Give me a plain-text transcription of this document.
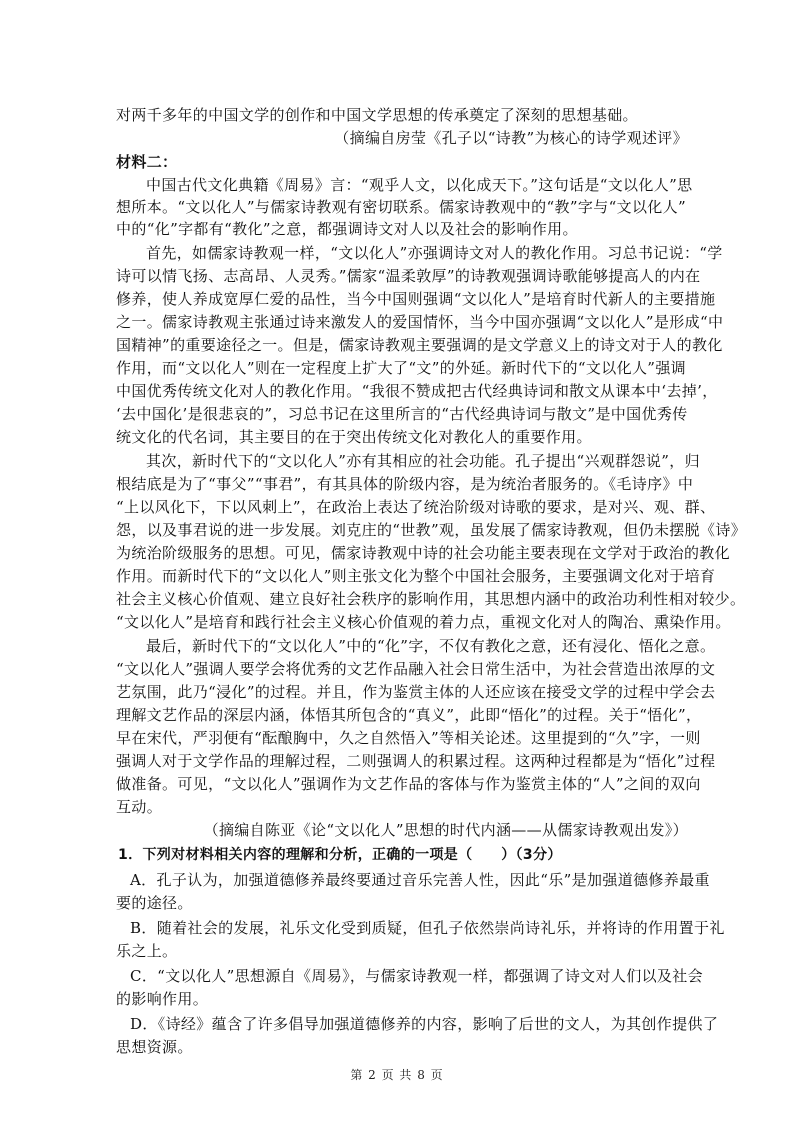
对两千多年的中国文学的创作和中国文学思想的传承奠定了深刻的思想基础。
（摘编自房莹《孔子以“诗教”为核心的诗学观述评》
材料二：
中国古代文化典籍《周易》言：“观乎人文，以化成天下。”这句话是“文以化人”思
想所本。“文以化人”与儒家诗教观有密切联系。儒家诗教观中的“教”字与“文以化人”
中的“化”字都有“教化”之意，都强调诗文对人以及社会的影响作用。
首先，如儒家诗教观一样，“文以化人”亦强调诗文对人的教化作用。习总书记说：“学
诗可以情飞扬、志高昂、人灵秀。”儒家“温柔敦厚”的诗教观强调诗歌能够提高人的内在
修养，使人养成宽厚仁爱的品性，当今中国则强调“文以化人”是培育时代新人的主要措施
之一。儒家诗教观主张通过诗来激发人的爱国情怀，当今中国亦强调“文以化人”是形成“中
国精神”的重要途径之一。但是，儒家诗教观主要强调的是文学意义上的诗文对于人的教化
作用，而“文以化人”则在一定程度上扩大了“文”的外延。新时代下的“文以化人”强调
中国优秀传统文化对人的教化作用。“我很不赞成把古代经典诗词和散文从课本中‘去掉’，
‘去中国化’是很悲哀的”，习总书记在这里所言的“古代经典诗词与散文”是中国优秀传
统文化的代名词，其主要目的在于突出传统文化对教化人的重要作用。
其次，新时代下的“文以化人”亦有其相应的社会功能。孔子提出“兴观群怨说”，归
根结底是为了“事父”“事君”，有其具体的阶级内容，是为统治者服务的。《毛诗序》中
“上以风化下，下以风刺上”，在政治上表达了统治阶级对诗歌的要求，是对兴、观、群、
怨，以及事君说的进一步发展。刘克庄的“世教”观，虽发展了儒家诗教观，但仍未摆脱《诗》
为统治阶级服务的思想。可见，儒家诗教观中诗的社会功能主要表现在文学对于政治的教化
作用。而新时代下的“文以化人”则主张文化为整个中国社会服务，主要强调文化对于培育
社会主义核心价值观、建立良好社会秩序的影响作用，其思想内涵中的政治功利性相对较少。
“文以化人”是培育和践行社会主义核心价值观的着力点，重视文化对人的陶冶、熏染作用。
最后，新时代下的“文以化人”中的“化”字，不仅有教化之意，还有浸化、悟化之意。
“文以化人”强调人要学会将优秀的文艺作品融入社会日常生活中，为社会营造出浓厚的文
艺氛围，此乃“浸化”的过程。并且，作为鉴赏主体的人还应该在接受文学的过程中学会去
理解文艺作品的深层内涵，体悟其所包含的“真义”，此即“悟化”的过程。关于“悟化”，
早在宋代，严羽便有“酝酿胸中，久之自然悟入”等相关论述。这里提到的“久”字，一则
强调人对于文学作品的理解过程，二则强调人的积累过程。这两种过程都是为“悟化”过程
做准备。可见，“文以化人”强调作为文艺作品的客体与作为鉴赏主体的“人”之间的双向
互动。
（摘编自陈亚《论“文以化人”思想的时代内涵——从儒家诗教观出发》）
1．下列对材料相关内容的理解和分析，正确的一项是（　　）（3分）
A．孔子认为，加强道德修养最终要通过音乐完善人性，因此“乐”是加强道德修养最重
要的途径。
B．随着社会的发展，礼乐文化受到质疑，但孔子依然崇尚诗礼乐，并将诗的作用置于礼
乐之上。
C．“文以化人”思想源自《周易》，与儒家诗教观一样，都强调了诗文对人们以及社会
的影响作用。
D．《诗经》蕴含了许多倡导加强道德修养的内容，影响了后世的文人，为其创作提供了
思想资源。
第 2 页 共 8 页
